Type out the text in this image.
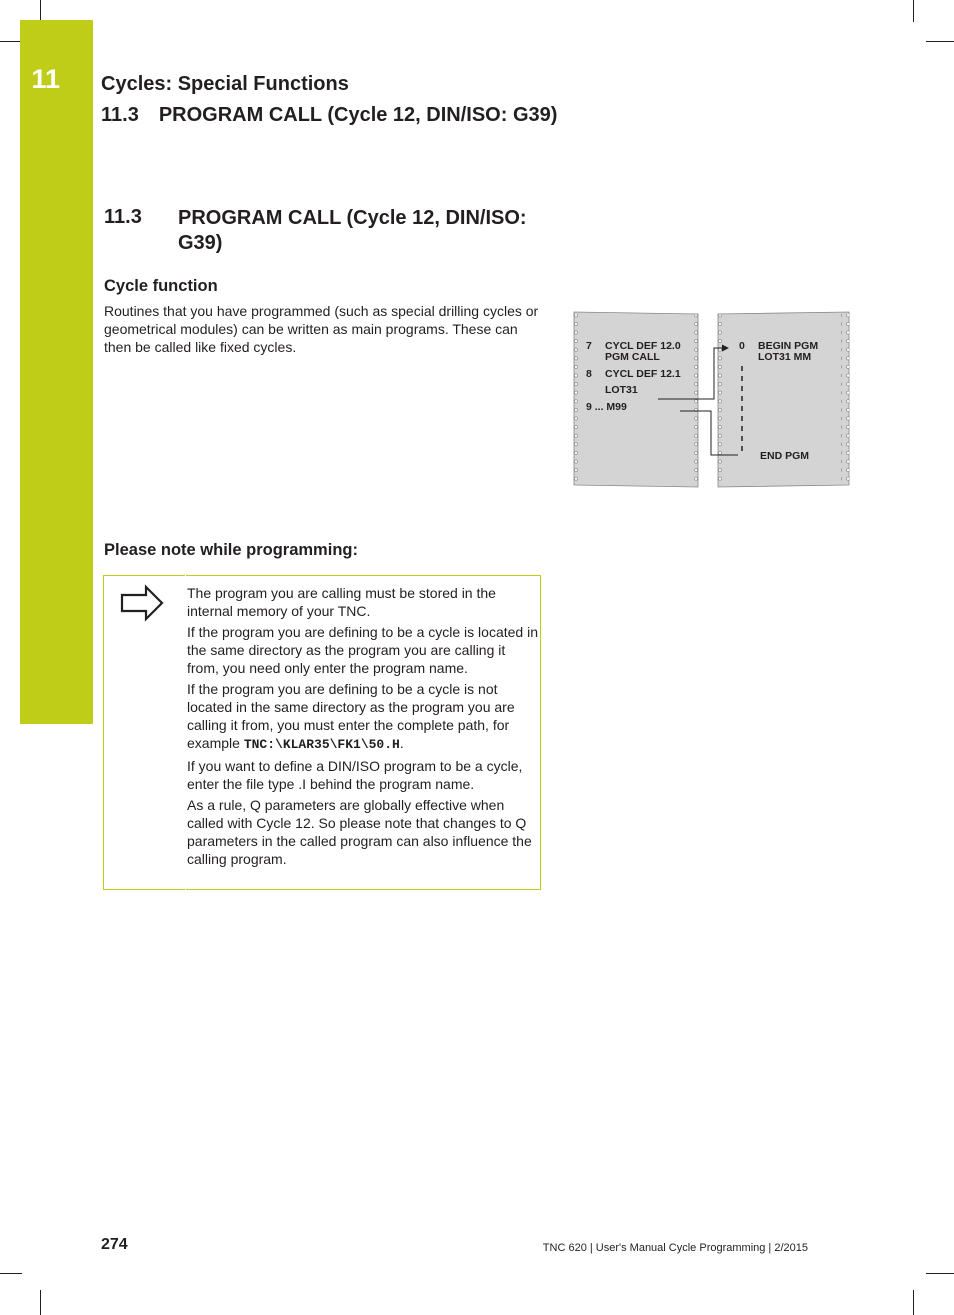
11 Cycles: Special Functions
11.3 PROGRAM CALL (Cycle 12, DIN/ISO: G39)
11.3 PROGRAM CALL (Cycle 12, DIN/ISO: G39)
Cycle function
Routines that you have programmed (such as special drilling cycles or geometrical modules) can be written as main programs. These can then be called like fixed cycles.	7 CYCL DEF 12.0
PGM CALL
8 CYCL DEF 12.1
LOT31
9 ... M99
0 BEGIN PGM
LOT31 MM
END PGM
Please note while programming:

The program you are calling must be stored in the internal memory of your TNC.

If the program you are defining to be a cycle is located in the same directory as the program you are calling it from, you need only enter the program name.

If the program you are defining to be a cycle is not located in the same directory as the program you are calling it from, you must enter the complete path, for example TNC:\KLAR35\FK1\50.H.

If you want to define a DIN/ISO program to be a cycle, enter the file type .I behind the program name.

As a rule, Q parameters are globally effective when called with Cycle 12. So please note that changes to Q parameters in the called program can also influence the calling program.

274	TNC 620 | User's Manual Cycle Programming | 2/2015
